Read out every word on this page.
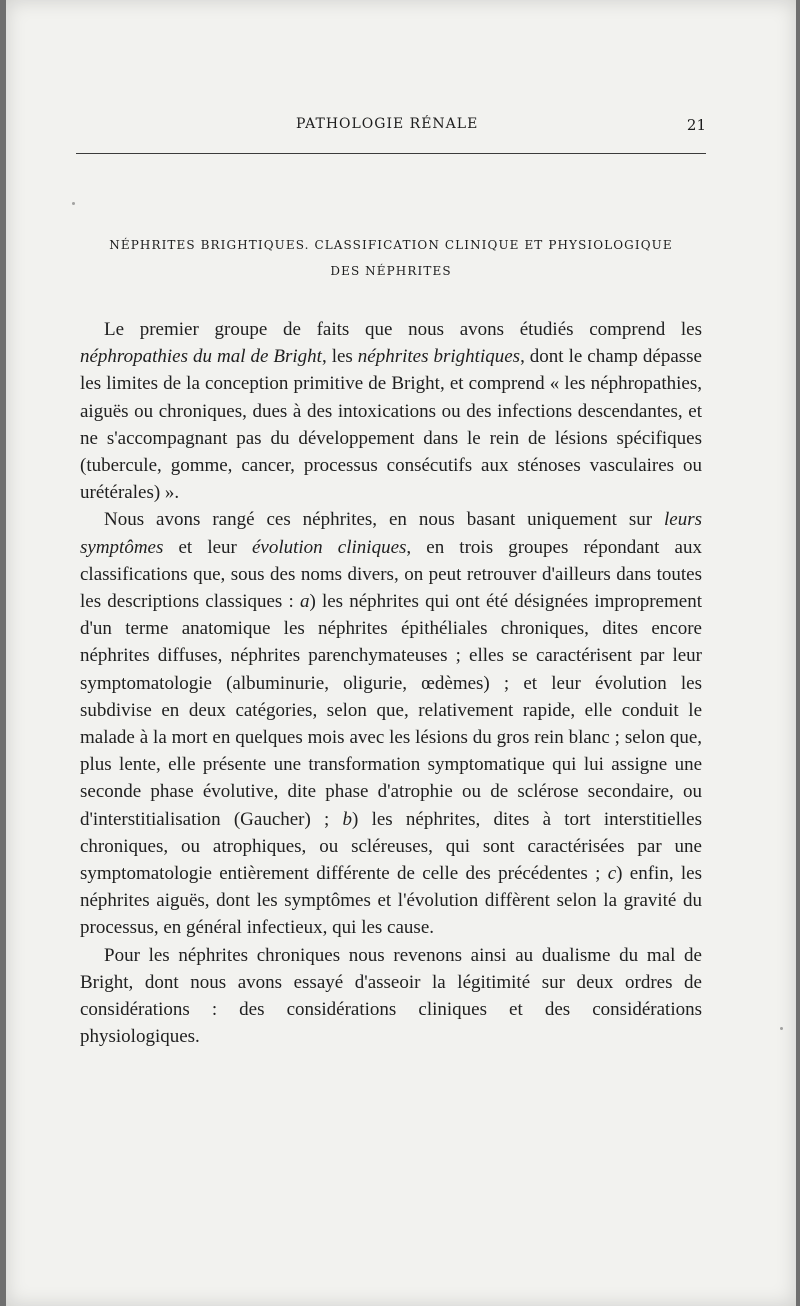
PATHOLOGIE RÉNALE	21
NÉPHRITES BRIGHTIQUES. CLASSIFICATION CLINIQUE ET PHYSIOLOGIQUE
DES NÉPHRITES

Le premier groupe de faits que nous avons étudiés comprend les néphropathies du mal de Bright, les néphrites brightiques, dont le champ dépasse les limites de la conception primitive de Bright, et comprend « les néphropathies, aiguës ou chroniques, dues à des intoxications ou des infections descendantes, et ne s'accompagnant pas du développement dans le rein de lésions spécifiques (tubercule, gomme, cancer, processus consécutifs aux sténoses vasculaires ou urétérales) ».

Nous avons rangé ces néphrites, en nous basant uniquement sur leurs symptômes et leur évolution cliniques, en trois groupes répondant aux classifications que, sous des noms divers, on peut retrouver d'ailleurs dans toutes les descriptions classiques : a) les néphrites qui ont été désignées improprement d'un terme anatomique les néphrites épithéliales chroniques, dites encore néphrites diffuses, néphrites parenchymateuses ; elles se caractérisent par leur symptomatologie (albuminurie, oligurie, œdèmes) ; et leur évolution les subdivise en deux catégories, selon que, relativement rapide, elle conduit le malade à la mort en quelques mois avec les lésions du gros rein blanc ; selon que, plus lente, elle présente une transformation symptomatique qui lui assigne une seconde phase évolutive, dite phase d'atrophie ou de sclérose secondaire, ou d'interstitialisation (Gaucher) ; b) les néphrites, dites à tort interstitielles chroniques, ou atrophiques, ou scléreuses, qui sont caractérisées par une symptomatologie entièrement différente de celle des précédentes ; c) enfin, les néphrites aiguës, dont les symptômes et l'évolution diffèrent selon la gravité du processus, en général infectieux, qui les cause.

Pour les néphrites chroniques nous revenons ainsi au dualisme du mal de Bright, dont nous avons essayé d'asseoir la légitimité sur deux ordres de considérations : des considérations cliniques et des considérations physiologiques.
